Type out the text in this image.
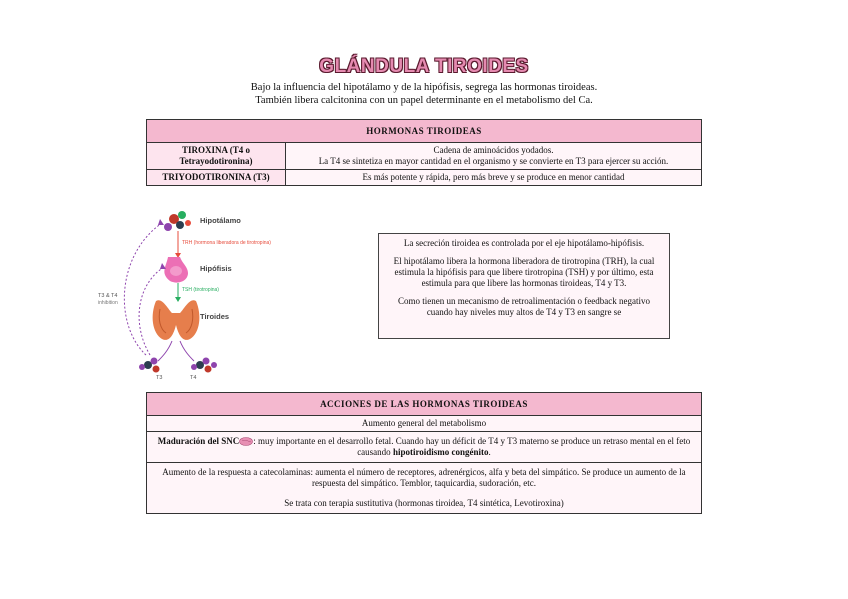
GLÁNDULA TIROIDES
Bajo la influencia del hipotálamo y de la hipófisis, segrega las hormonas tiroideas.
También libera calcitonina con un papel determinante en el metabolismo del Ca.
HORMONAS TIROIDEAS	
TIROXINA (T4 o Tetrayodotironina)	Cadena de aminoácidos yodados.
La T4 se sintetiza en mayor cantidad en el organismo y se convierte en T3 para ejercer su acción.

TRIYODOTIRONINA (T3)	Es más potente y rápida, pero más breve y se produce en menor cantidad
Hipotálamo
TRH (hormona liberadora de tirotropina)
Hipófisis
TSH (tirotropina)
Tiroides
T3	T4
T3 & T4
inhibition

La secreción tiroidea es controlada por el eje hipotálamo-hipófisis.

El hipotálamo libera la hormona liberadora de tirotropina (TRH), la cual estimula la hipófisis para que libere tirotropina (TSH) y por último, esta estimula para que libere las hormonas tiroideas, T4 y T3.

Como tienen un mecanismo de retroalimentación o feedback negativo cuando hay niveles muy altos de T4 y T3 en sangre se

ACCIONES DE LAS HORMONAS TIROIDEAS
Aumento general del metabolismo
Maduración del SNC : muy importante en el desarrollo fetal. Cuando hay un déficit de T4 y T3 materno se produce un retraso mental en el feto causando hipotiroidismo congénito.

Aumento de la respuesta a catecolaminas: aumenta el número de receptores, adrenérgicos, alfa y beta del simpático. Se produce un aumento de la respuesta del simpático. Temblor, taquicardia, sudoración, etc.
Se trata con terapia sustitutiva (hormonas tiroidea, T4 sintética, Levotiroxina)
